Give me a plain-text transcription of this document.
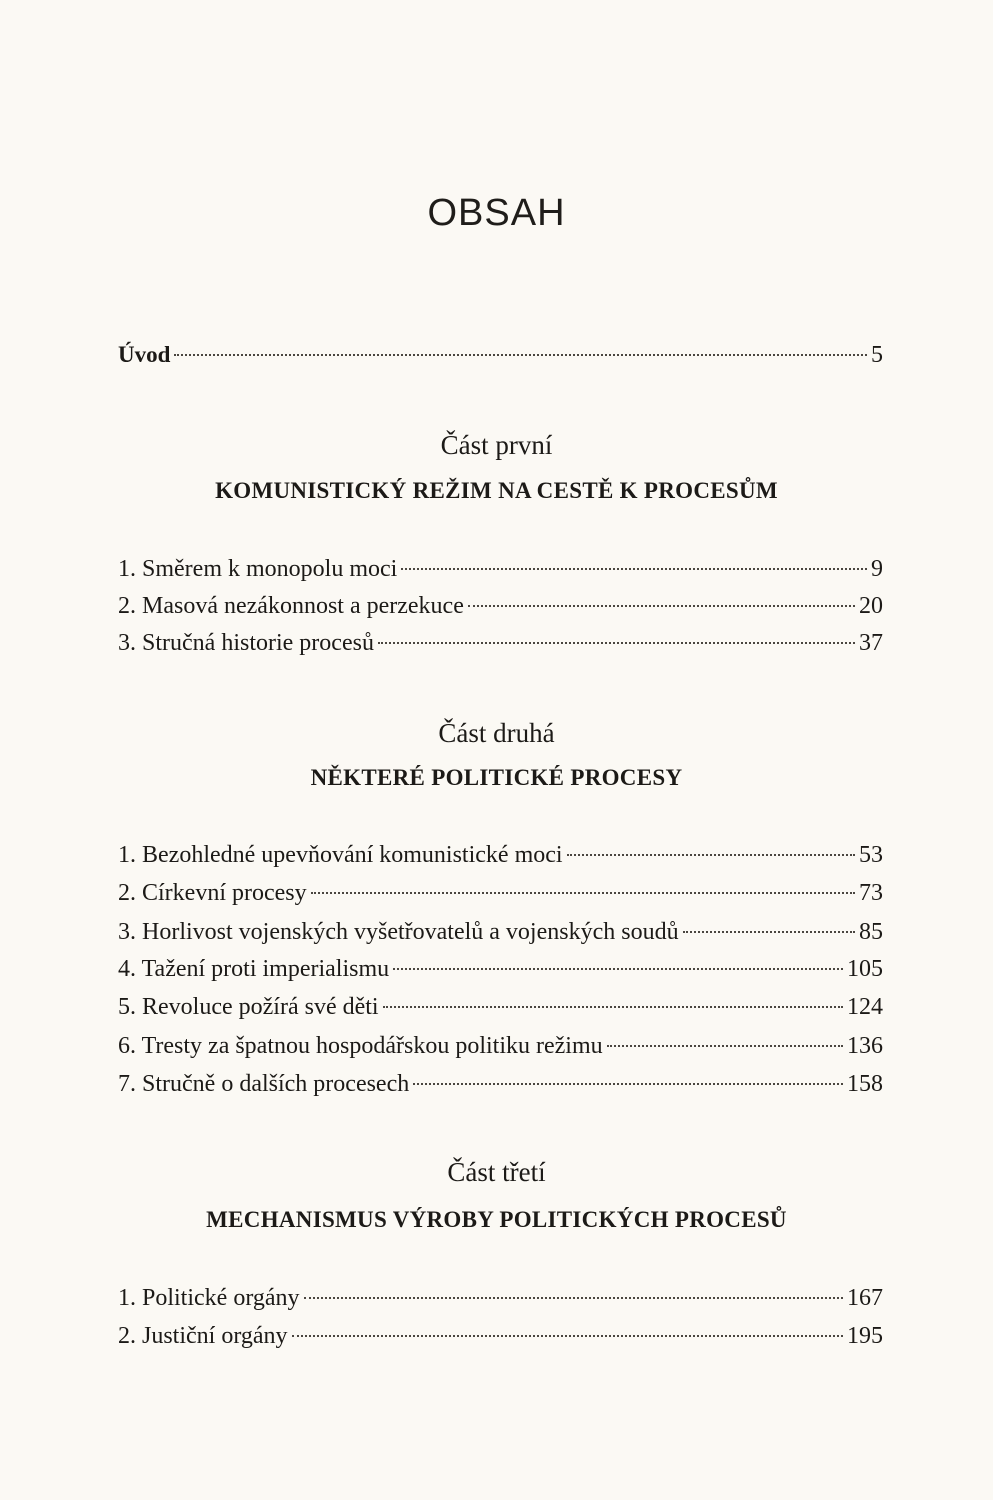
OBSAH
Úvod	5
Část první
KOMUNISTICKÝ REŽIM NA CESTĚ K PROCESŮM
1. Směrem k monopolu moci	9
2. Masová nezákonnost a perzekuce	20
3. Stručná historie procesů	37
Část druhá
NĚKTERÉ POLITICKÉ PROCESY
1. Bezohledné upevňování komunistické moci	53
2. Církevní procesy	73
3. Horlivost vojenských vyšetřovatelů a vojenských soudů	85
4. Tažení proti imperialismu	105
5. Revoluce požírá své děti	124
6. Tresty za špatnou hospodářskou politiku režimu	136
7. Stručně o dalších procesech	158
Část třetí
MECHANISMUS VÝROBY POLITICKÝCH PROCESŮ
1. Politické orgány	167
2. Justiční orgány	195
